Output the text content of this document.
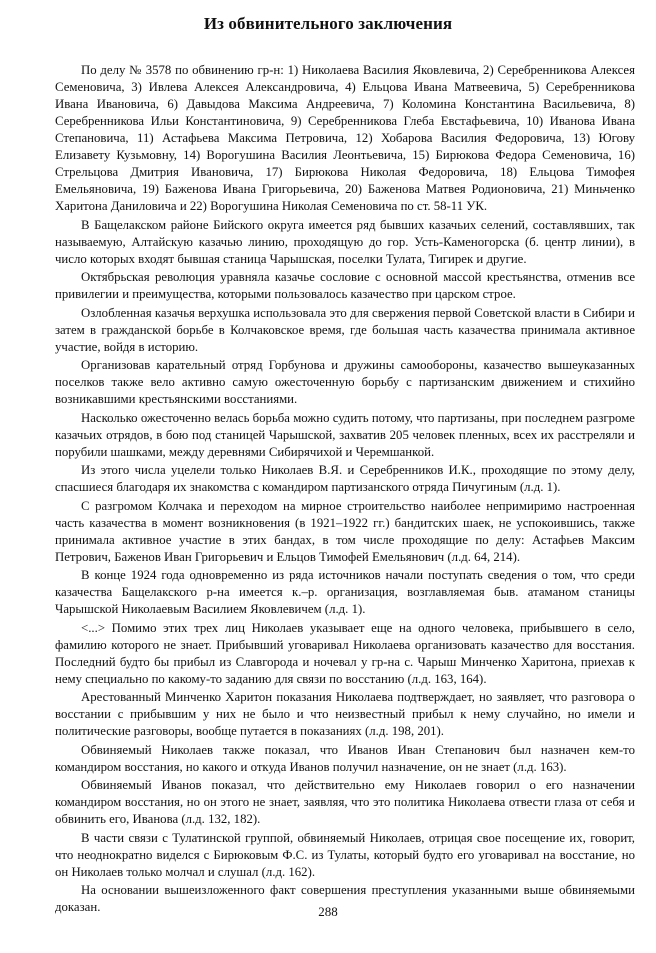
Из обвинительного заключения

По делу № 3578 по обвинению гр-н: 1) Николаева Василия Яковлевича, 2) Серебренникова Алексея Семеновича, 3) Ивлева Алексея Александровича, 4) Ельцова Ивана Матвеевича, 5) Серебренникова Ивана Ивановича, 6) Давыдова Максима Андреевича, 7) Коломина Константина Васильевича, 8) Серебренникова Ильи Константиновича, 9) Серебренникова Глеба Евстафьевича, 10) Иванова Ивана Степановича, 11) Астафьева Максима Петровича, 12) Хобарова Василия Федоровича, 13) Югову Елизавету Кузьмовну, 14) Ворогушина Василия Леонтьевича, 15) Бирюкова Федора Семеновича, 16) Стрельцова Дмитрия Ивановича, 17) Бирюкова Николая Федоровича, 18) Ельцова Тимофея Емельяновича, 19) Баженова Ивана Григорьевича, 20) Баженова Матвея Родионовича, 21) Миньченко Харитона Даниловича и 22) Ворогушина Николая Семеновича по ст. 58-11 УК.

В Бащелакском районе Бийского округа имеется ряд бывших казачьих селений, составлявших, так называемую, Алтайскую казачью линию, проходящую до гор. Усть-Каменогорска (б. центр линии), в число которых входят бывшая станица Чарышская, поселки Тулата, Тигирек и другие.

Октябрьская революция уравняла казачье сословие с основной массой крестьянства, отменив все привилегии и преимущества, которыми пользовалось казачество при царском строе.

Озлобленная казачья верхушка использовала это для свержения первой Советской власти в Сибири и затем в гражданской борьбе в Колчаковское время, где большая часть казачества принимала активное участие, войдя в историю.

Организовав карательный отряд Горбунова и дружины самообороны, казачество вышеуказанных поселков также вело активно самую ожесточенную борьбу с партизанским движением и стихийно возникавшими крестьянскими восстаниями.

Насколько ожесточенно велась борьба можно судить потому, что партизаны, при последнем разгроме казачьих отрядов, в бою под станицей Чарышской, захватив 205 человек пленных, всех их расстреляли и порубили шашками, между деревнями Сибирячихой и Черемшанкой.

Из этого числа уцелели только Николаев В.Я. и Серебренников И.К., проходящие по этому делу, спасшиеся благодаря их знакомства с командиром партизанского отряда Пичугиным (л.д. 1).

С разгромом Колчака и переходом на мирное строительство наиболее непримиримо настроенная часть казачества в момент возникновения (в 1921–1922 гг.) бандитских шаек, не успокоившись, также принимала активное участие в этих бандах, в том числе проходящие по делу: Астафьев Максим Петрович, Баженов Иван Григорьевич и Ельцов Тимофей Емельянович (л.д. 64, 214).

В конце 1924 года одновременно из ряда источников начали поступать сведения о том, что среди казачества Бащелакского р-на имеется к.–р. организация, возглавляемая быв. атаманом станицы Чарышской Николаевым Василием Яковлевичем (л.д. 1).

<...> Помимо этих трех лиц Николаев указывает еще на одного человека, прибывшего в село, фамилию которого не знает. Прибывший уговаривал Николаева организовать казачество для восстания. Последний будто бы прибыл из Славгорода и ночевал у гр-на с. Чарыш Минченко Харитона, приехав к нему специально по какому-то заданию для связи по восстанию (л.д. 163, 164).

Арестованный Минченко Харитон показания Николаева подтверждает, но заявляет, что разговора о восстании с прибывшим у них не было и что неизвестный прибыл к нему случайно, но имели и политические разговоры, вообще путается в показаниях (л.д. 198, 201).

Обвиняемый Николаев также показал, что Иванов Иван Степанович был назначен кем-то командиром восстания, но какого и откуда Иванов получил назначение, он не знает (л.д. 163).

Обвиняемый Иванов показал, что действительно ему Николаев говорил о его назначении командиром восстания, но он этого не знает, заявляя, что это политика Николаева отвести глаза от себя и обвинить его, Иванова (л.д. 132, 182).

В части связи с Тулатинской группой, обвиняемый Николаев, отрицая свое посещение их, говорит, что неоднократно виделся с Бирюковым Ф.С. из Тулаты, который будто его уговаривал на восстание, но он Николаев только молчал и слушал (л.д. 162).

На основании вышеизложенного факт совершения преступления указанными выше обвиняемыми доказан.	288
